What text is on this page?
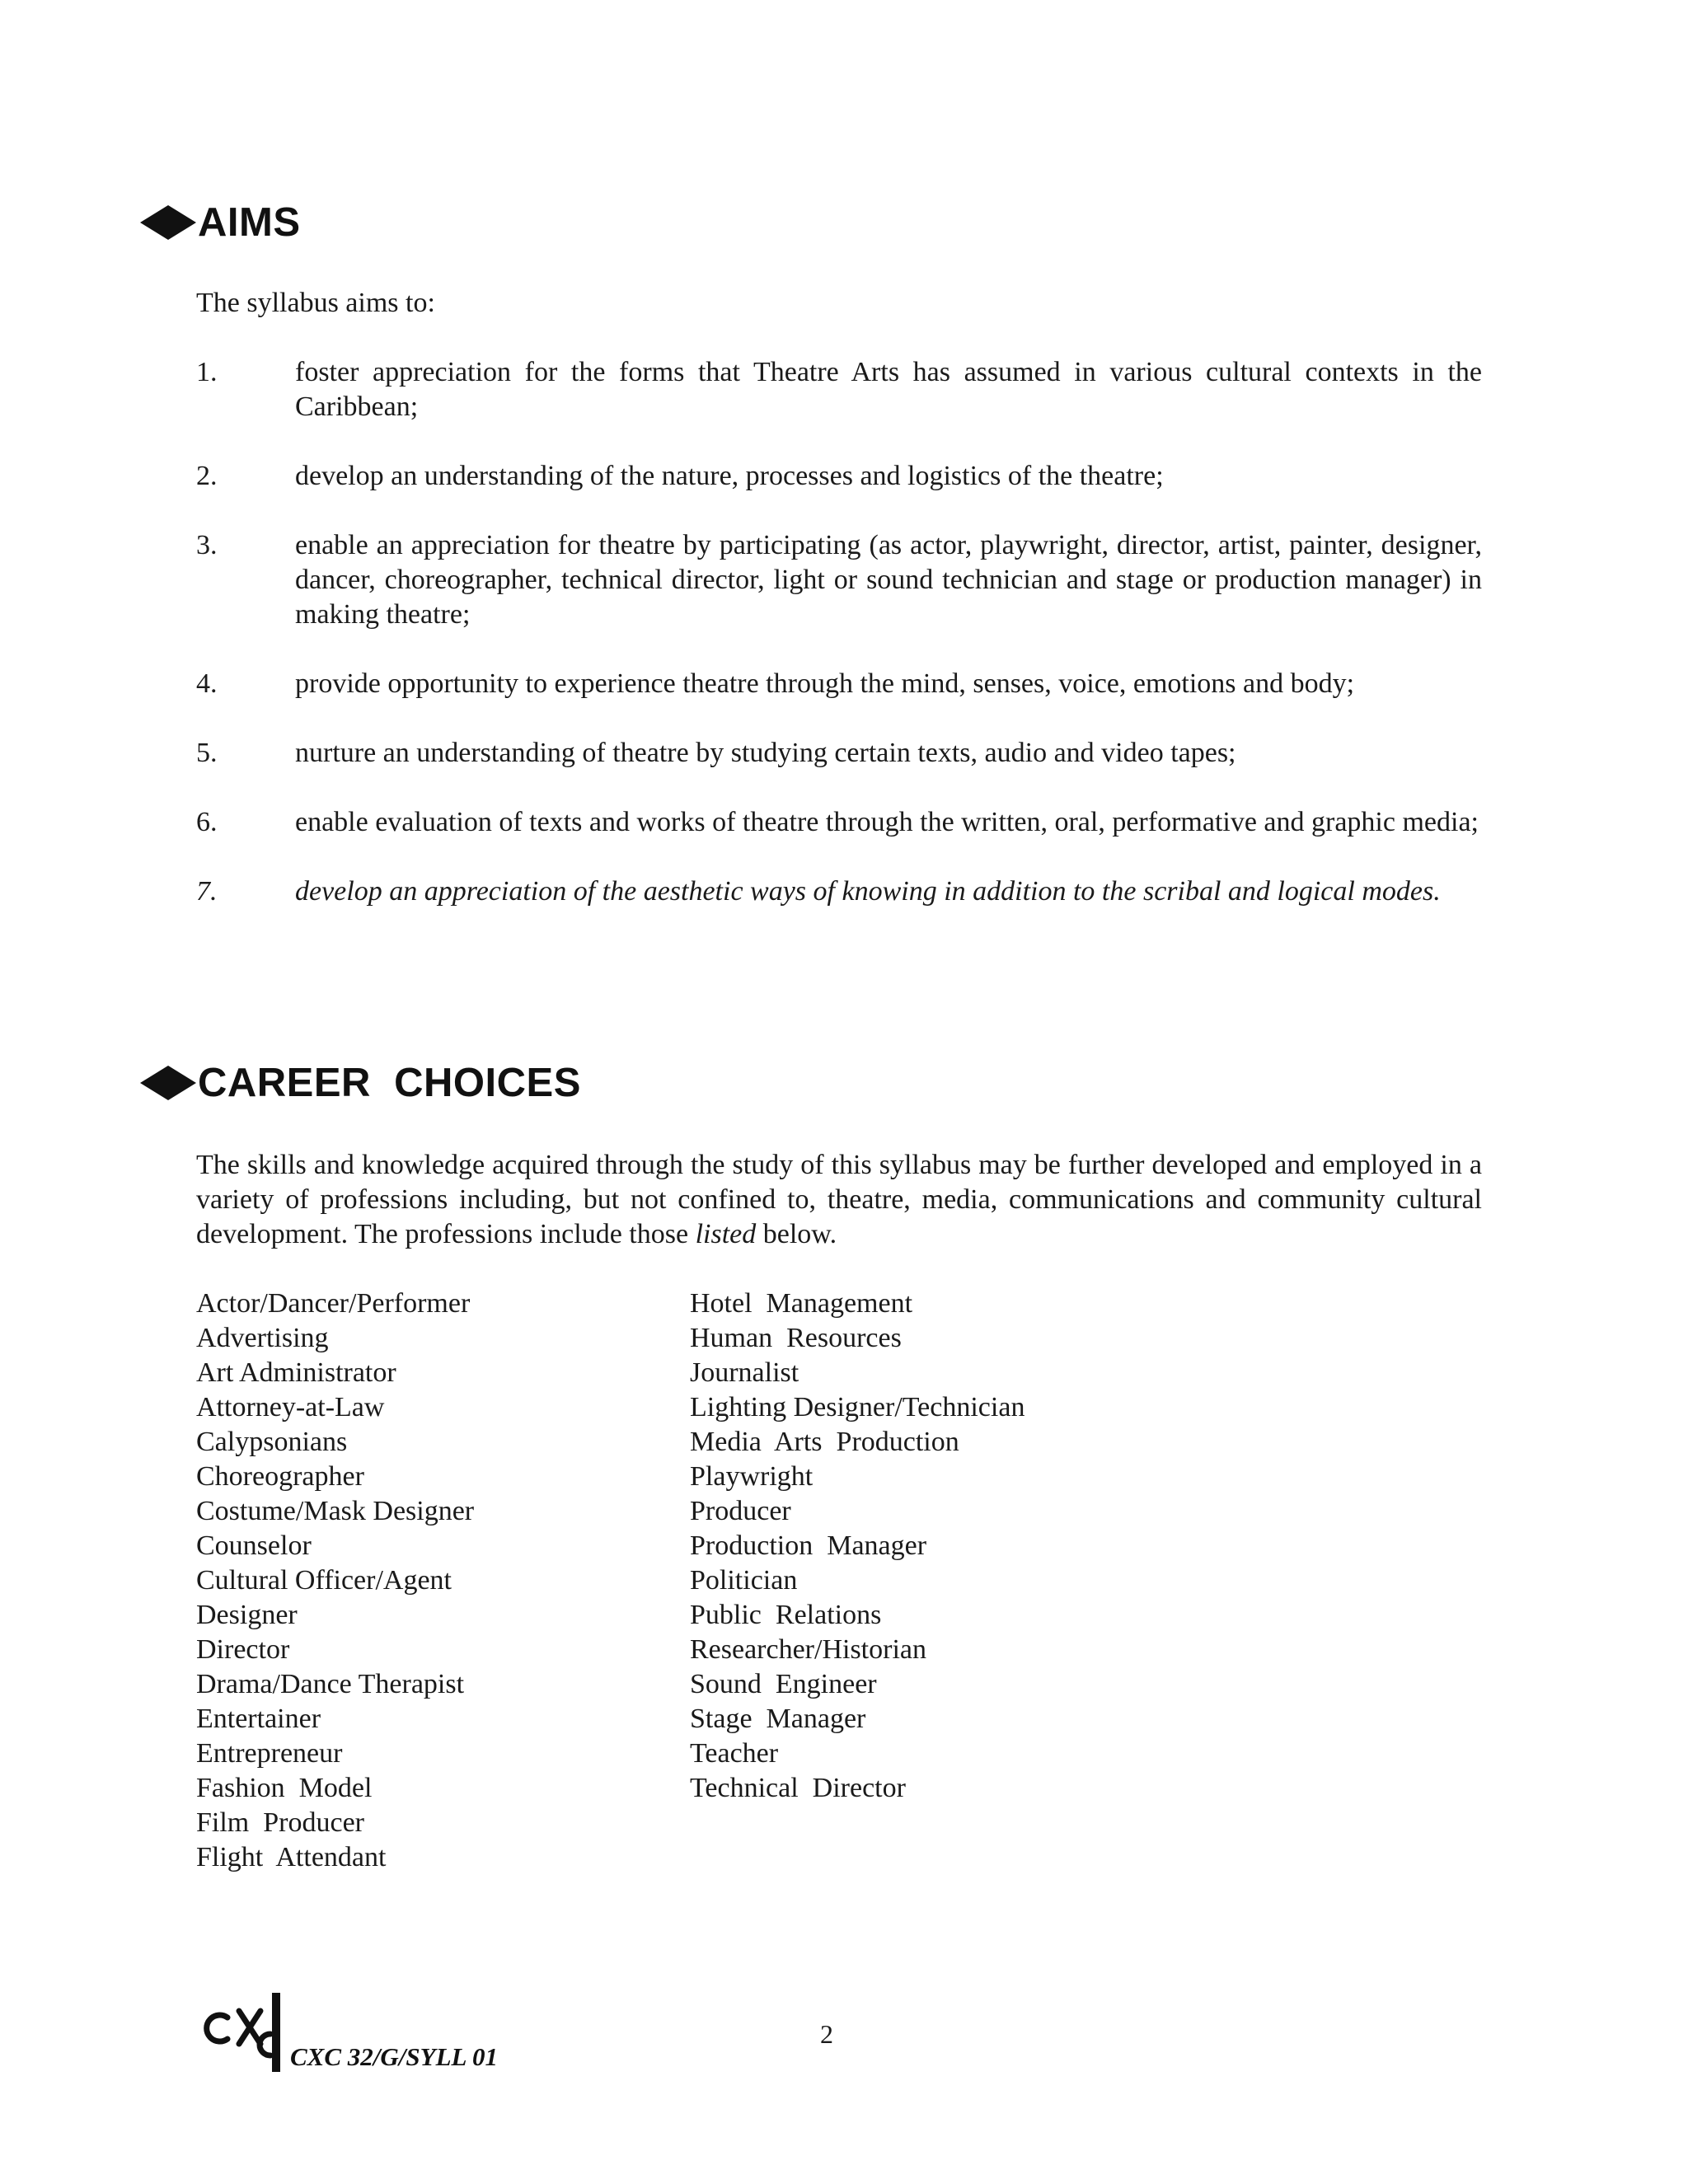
AIMS
The syllabus aims to:
1.	foster appreciation for the forms that Theatre Arts has assumed in various cultural contexts in the Caribbean;
2.	develop an understanding of the nature, processes and logistics of the theatre;
3.	enable an appreciation for theatre by participating (as actor, playwright, director, artist, painter, designer, dancer, choreographer, technical director, light or sound technician and stage or production manager) in making theatre;
4.	provide opportunity to experience theatre through the mind, senses, voice, emotions and body;
5.	nurture an understanding of theatre by studying certain texts, audio and video tapes;
6.	enable evaluation of texts and works of theatre through the written, oral, performative and graphic media;
7.	develop an appreciation of the aesthetic ways of knowing in addition to the scribal and logical modes.
CAREER  CHOICES
The skills and knowledge acquired through the study of this syllabus may be further developed and employed in a variety of professions including, but not confined to, theatre, media, communications and community cultural development. The professions include those listed below.
Actor/Dancer/Performer
Advertising
Art Administrator
Attorney-at-Law
Calypsonians
Choreographer
Costume/Mask Designer
Counselor
Cultural Officer/Agent
Designer
Director
Drama/Dance Therapist
Entertainer
Entrepreneur
Fashion  Model
Film  Producer
Flight  Attendant
Hotel  Management
Human  Resources
Journalist
Lighting Designer/Technician
Media  Arts  Production
Playwright
Producer
Production  Manager
Politician
Public  Relations
Researcher/Historian
Sound  Engineer
Stage  Manager
Teacher
Technical  Director
CXC 32/G/SYLL 01
2
